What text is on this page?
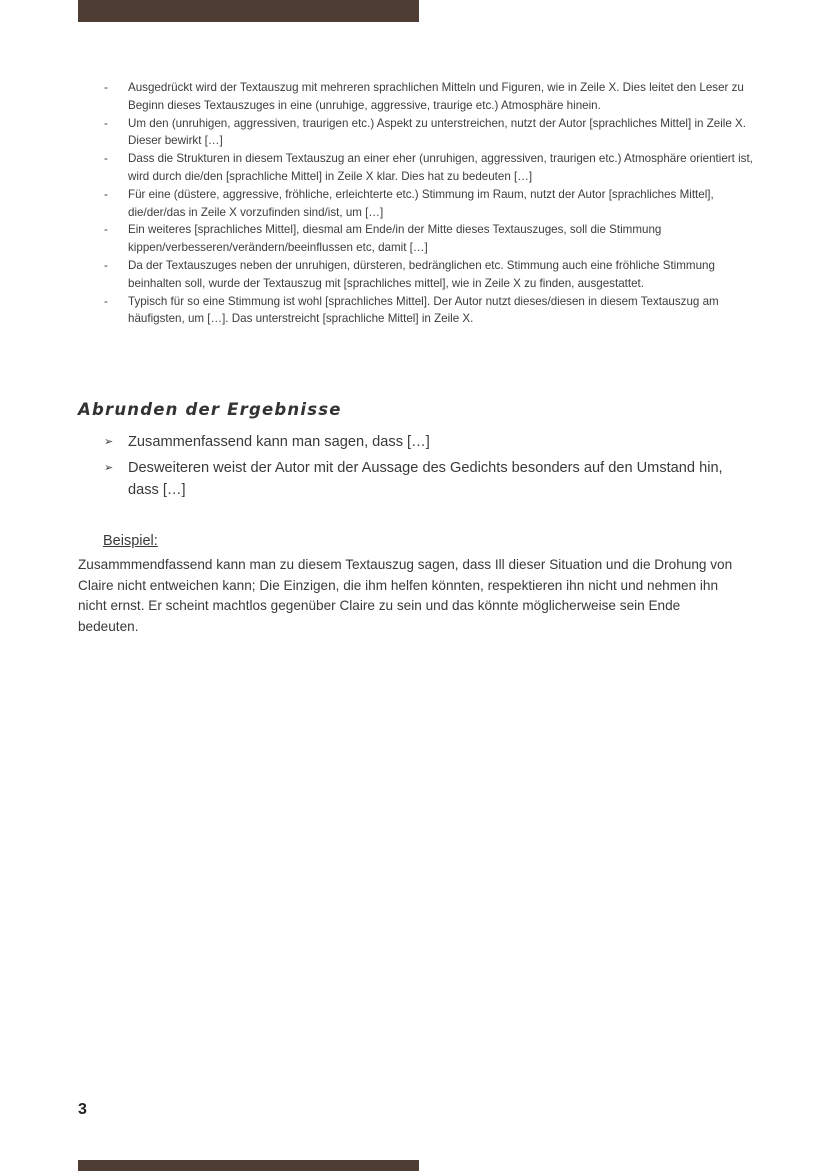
- Ausgedrückt wird der Textauszug mit mehreren sprachlichen Mitteln und Figuren, wie in Zeile X. Dies leitet den Leser zu Beginn dieses Textauszuges in eine (unruhige, aggressive, traurige etc.) Atmosphäre hinein.
- Um den (unruhigen, aggressiven, traurigen etc.) Aspekt zu unterstreichen, nutzt der Autor [sprachliches Mittel] in Zeile X. Dieser bewirkt […]
- Dass die Strukturen in diesem Textauszug an einer eher (unruhigen, aggressiven, traurigen etc.) Atmosphäre orientiert ist, wird durch die/den [sprachliche Mittel] in Zeile X klar. Dies hat zu bedeuten […]
- Für eine (düstere, aggressive, fröhliche, erleichterte etc.) Stimmung im Raum, nutzt der Autor [sprachliches Mittel], die/der/das in Zeile X vorzufinden sind/ist, um […]
- Ein weiteres [sprachliches Mittel], diesmal am Ende/in der Mitte dieses Textauszuges, soll die Stimmung kippen/verbesseren/verändern/beeinflussen etc, damit […]
- Da der Textauszuges neben der unruhigen, dürsteren, bedränglichen etc. Stimmung auch eine fröhliche Stimmung beinhalten soll, wurde der Textauszug mit [sprachliches mittel], wie in Zeile X zu finden, ausgestattet.
- Typisch für so eine Stimmung ist wohl [sprachliches Mittel]. Der Autor nutzt dieses/diesen in diesem Textauszug am häufigsten, um […]. Das unterstreicht [sprachliche Mittel] in Zeile X.
Abrunden der Ergebnisse
➢ Zusammenfassend kann man sagen, dass […]
➢ Desweiteren weist der Autor mit der Aussage des Gedichts besonders auf den Umstand hin, dass […]
Beispiel:

Zusammmendfassend kann man zu diesem Textauszug sagen, dass Ill dieser Situation und die Drohung von Claire nicht entweichen kann; Die Einzigen, die ihm helfen könnten, respektieren ihn nicht und nehmen ihn nicht ernst. Er scheint machtlos gegenüber Claire zu sein und das könnte möglicherweise sein Ende bedeuten.

3
